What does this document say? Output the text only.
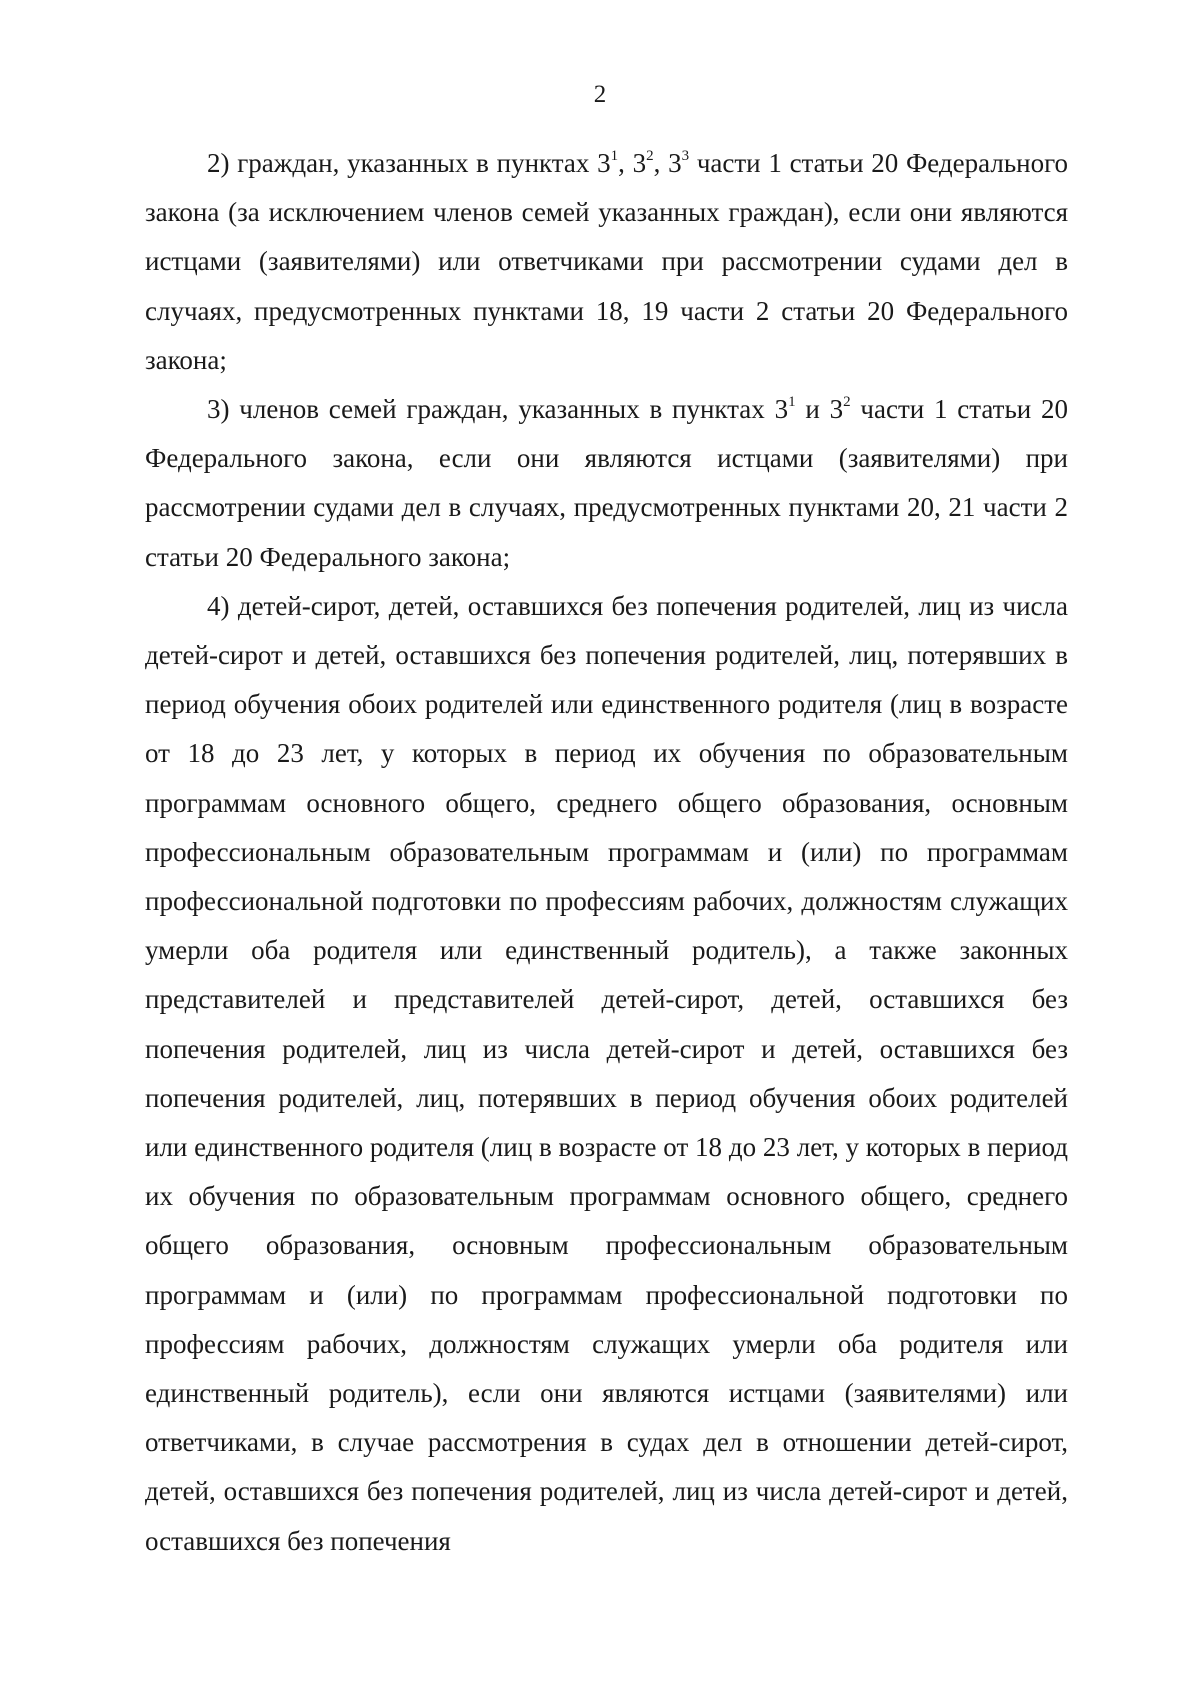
2

2) граждан, указанных в пунктах $3^1$, $3^2$, $3^3$ части 1 статьи 20 Федерального закона (за исключением членов семей указанных граждан), если они являются истцами (заявителями) или ответчиками при рассмотрении судами дел в случаях, предусмотренных пунктами 18, 19 части 2 статьи 20 Федерального закона;

3) членов семей граждан, указанных в пунктах $3^1$ и $3^2$ части 1 статьи 20 Федерального закона, если они являются истцами (заявителями) при рассмотрении судами дел в случаях, предусмотренных пунктами 20, 21 части 2 статьи 20 Федерального закона;

4) детей-сирот, детей, оставшихся без попечения родителей, лиц из числа детей-сирот и детей, оставшихся без попечения родителей, лиц, потерявших в период обучения обоих родителей или единственного родителя (лиц в возрасте от 18 до 23 лет, у которых в период их обучения по образовательным программам основного общего, среднего общего образования, основным профессиональным образовательным программам и (или) по программам профессиональной подготовки по профессиям рабочих, должностям служащих умерли оба родителя или единственный родитель), а также законных представителей и представителей детей-сирот, детей, оставшихся без попечения родителей, лиц из числа детей-сирот и детей, оставшихся без попечения родителей, лиц, потерявших в период обучения обоих родителей или единственного родителя (лиц в возрасте от 18 до 23 лет, у которых в период их обучения по образовательным программам основного общего, среднего общего образования, основным профессиональным образовательным программам и (или) по программам профессиональной подготовки по профессиям рабочих, должностям служащих умерли оба родителя или единственный родитель), если они являются истцами (заявителями) или ответчиками, в случае рассмотрения в судах дел в отношении детей-сирот, детей, оставшихся без попечения родителей, лиц из числа детей-сирот и детей, оставшихся без попечения
